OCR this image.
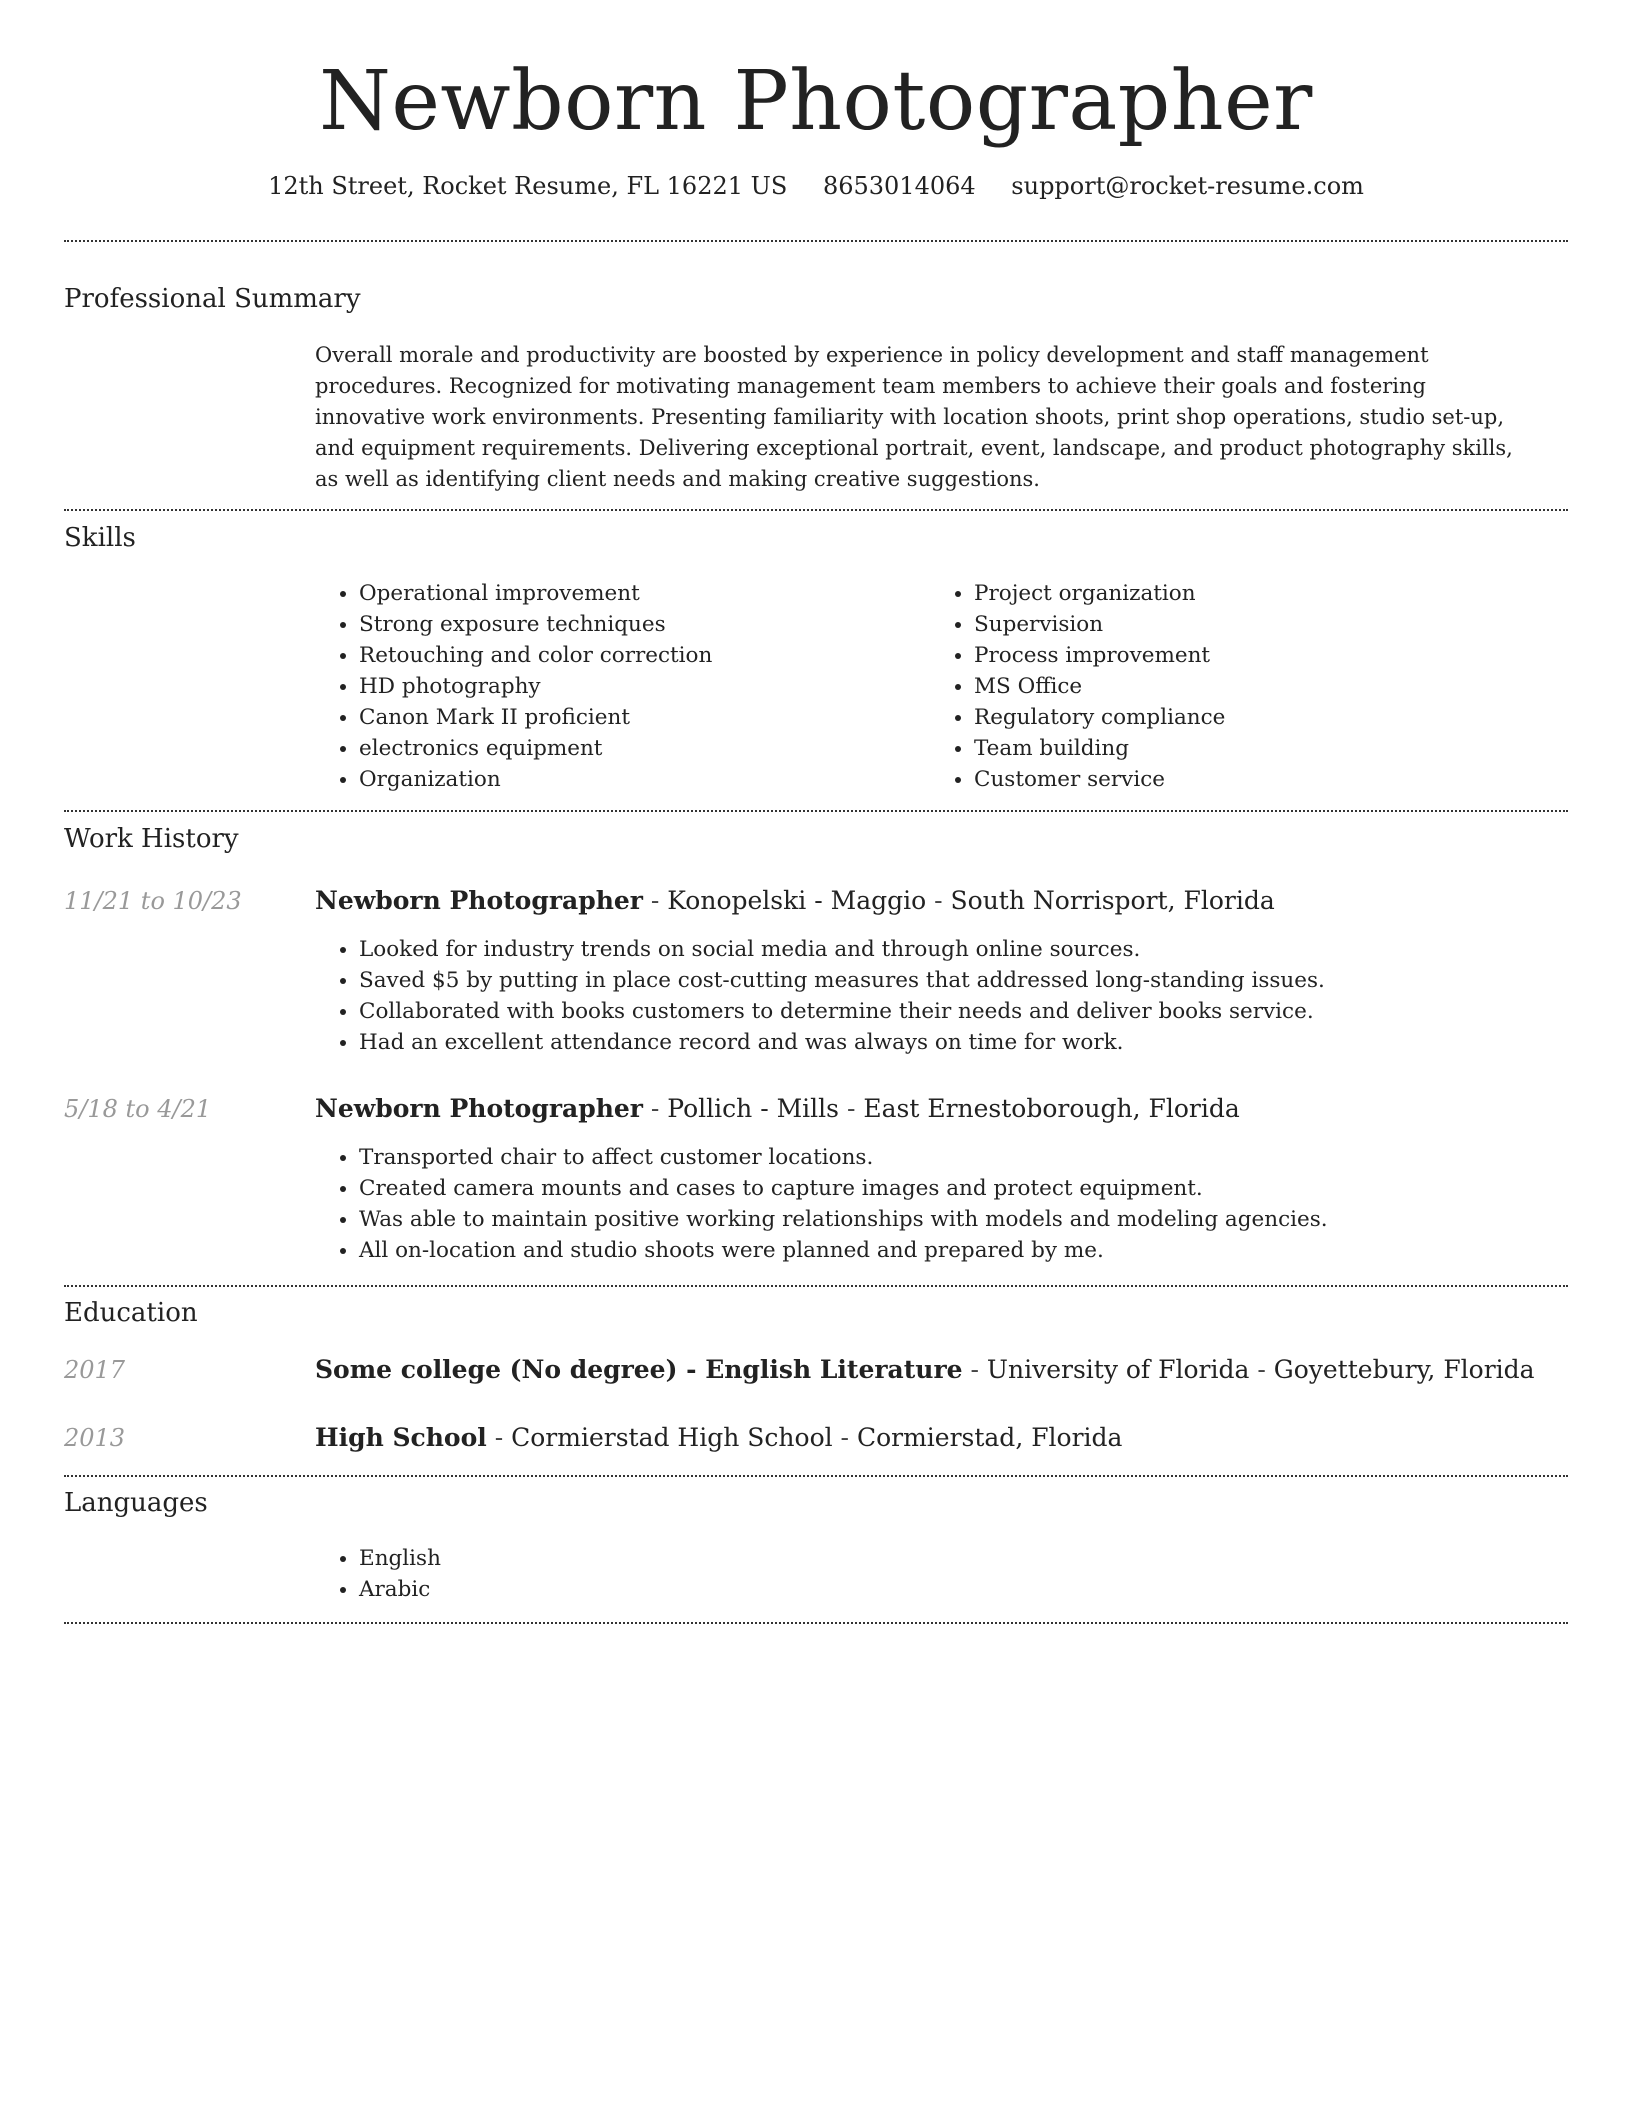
Newborn Photographer
12th Street, Rocket Resume, FL 16221 US 8653014064 support@rocket-resume.com
Professional Summary
Overall morale and productivity are boosted by experience in policy development and staff management procedures. Recognized for motivating management team members to achieve their goals and fostering innovative work environments. Presenting familiarity with location shoots, print shop operations, studio set-up, and equipment requirements. Delivering exceptional portrait, event, landscape, and product photography skills, as well as identifying client needs and making creative suggestions.
Skills
• Operational improvement
• Strong exposure techniques
• Retouching and color correction
• HD photography
• Canon Mark II proficient
• electronics equipment
• Organization
• Project organization
• Supervision
• Process improvement
• MS Office
• Regulatory compliance
• Team building
• Customer service
Work History
11/21 to 10/23	Newborn Photographer - Konopelski - Maggio - South Norrisport, Florida
• Looked for industry trends on social media and through online sources.
• Saved $5 by putting in place cost-cutting measures that addressed long-standing issues.
• Collaborated with books customers to determine their needs and deliver books service.
• Had an excellent attendance record and was always on time for work.
5/18 to 4/21	Newborn Photographer - Pollich - Mills - East Ernestoborough, Florida
• Transported chair to affect customer locations.
• Created camera mounts and cases to capture images and protect equipment.
• Was able to maintain positive working relationships with models and modeling agencies.
• All on-location and studio shoots were planned and prepared by me.
Education
2017	Some college (No degree) - English Literature - University of Florida - Goyettebury, Florida
2013	High School - Cormierstad High School - Cormierstad, Florida
Languages
• English
• Arabic
